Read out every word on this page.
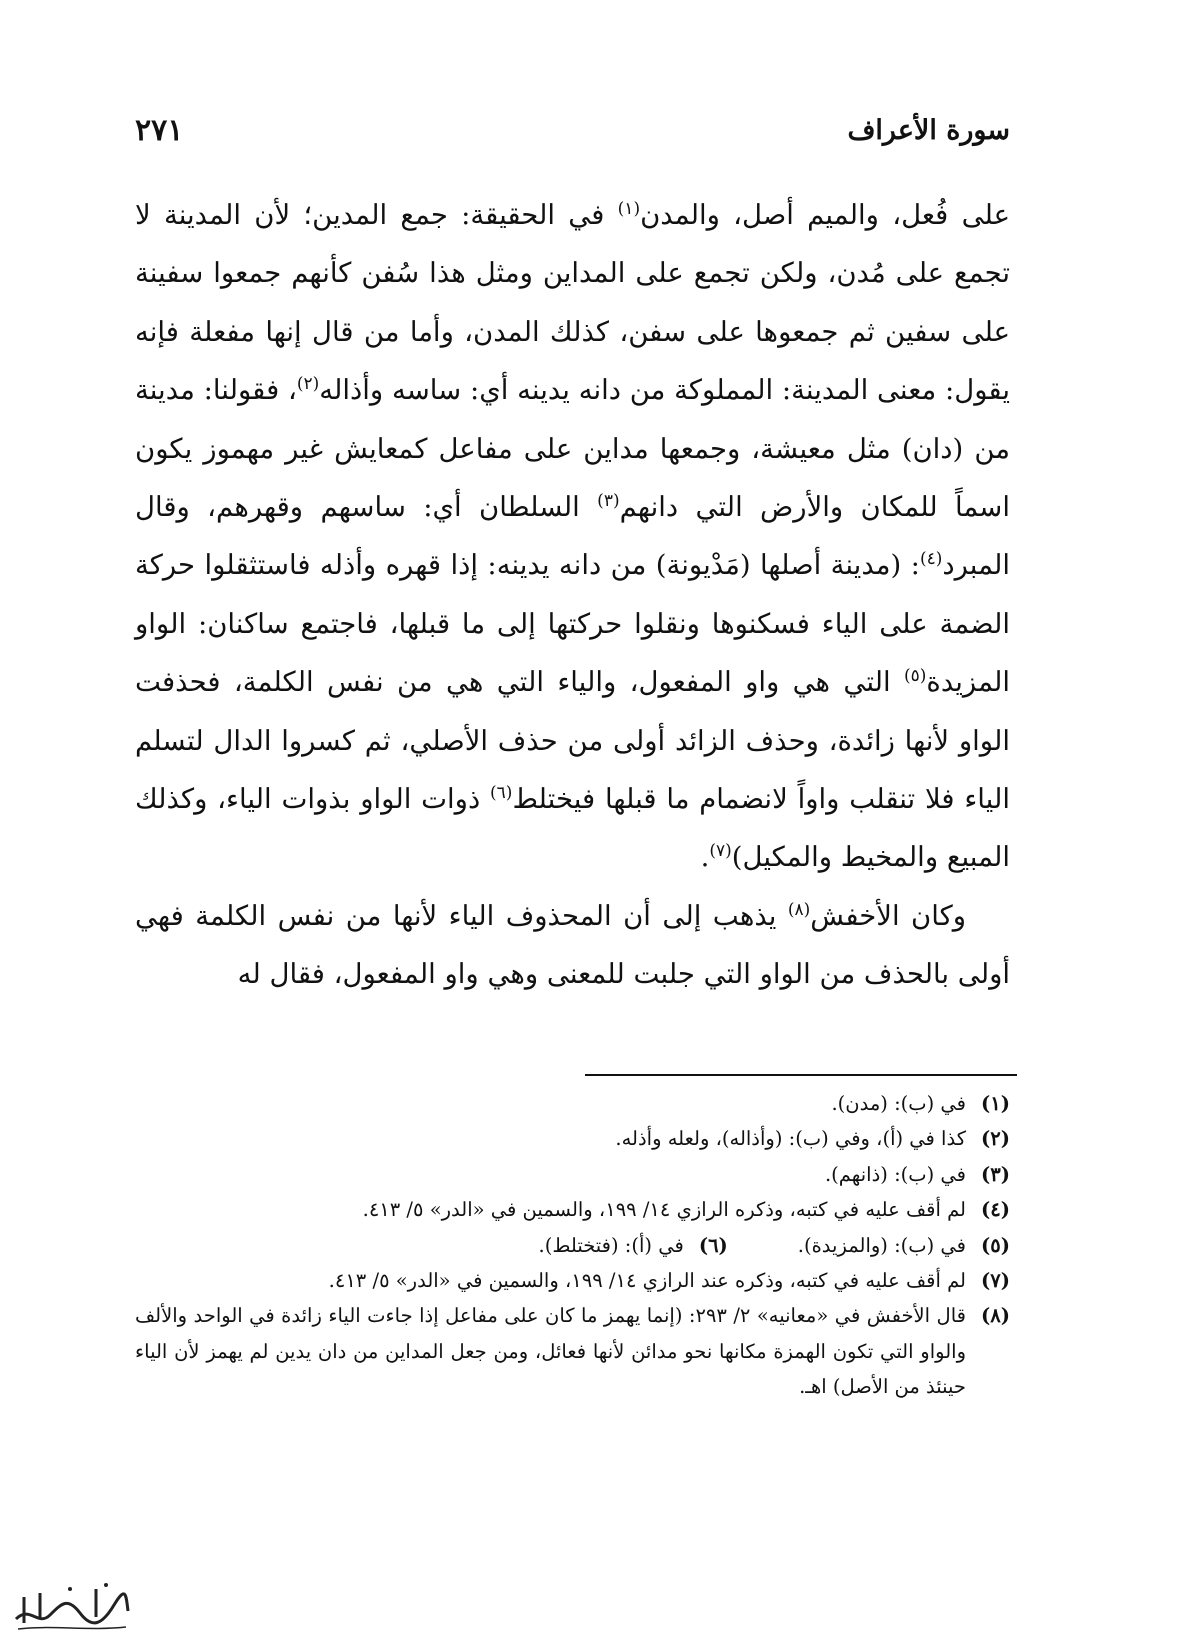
سورة الأعراف
٢٧١

على فُعل، والميم أصل، والمدن$^{(١)}$ في الحقيقة: جمع المدين؛ لأن المدينة لا تجمع على مُدن، ولكن تجمع على المداين ومثل هذا سُفن كأنهم جمعوا سفينة على سفين ثم جمعوها على سفن، كذلك المدن، وأما من قال إنها مفعلة فإنه يقول: معنى المدينة: المملوكة من دانه يدينه أي: ساسه وأذاله$^{(٢)}$، فقولنا: مدينة من (دان) مثل معيشة، وجمعها مداين على مفاعل كمعايش غير مهموز يكون اسماً للمكان والأرض التي دانهم$^{(٣)}$ السلطان أي: ساسهم وقهرهم، وقال المبرد$^{(٤)}$: (مدينة أصلها (مَدْيونة) من دانه يدينه: إذا قهره وأذله فاستثقلوا حركة الضمة على الياء فسكنوها ونقلوا حركتها إلى ما قبلها، فاجتمع ساكنان: الواو المزيدة$^{(٥)}$ التي هي واو المفعول، والياء التي هي من نفس الكلمة، فحذفت الواو لأنها زائدة، وحذف الزائد أولى من حذف الأصلي، ثم كسروا الدال لتسلم الياء فلا تنقلب واواً لانضمام ما قبلها فيختلط$^{(٦)}$ ذوات الواو بذوات الياء، وكذلك المبيع والمخيط والمكيل)$^{(٧)}$.

وكان الأخفش$^{(٨)}$ يذهب إلى أن المحذوف الياء لأنها من نفس الكلمة فهي أولى بالحذف من الواو التي جلبت للمعنى وهي واو المفعول، فقال له

(١)
في (ب): (مدن).
(٢)
كذا في (أ)، وفي (ب): (وأذاله)، ولعله وأذله.
(٣)
في (ب): (ذانهم).
(٤)
لم أقف عليه في كتبه، وذكره الرازي ١٤/ ١٩٩، والسمين في «الدر» ٥/ ٤١٣.
(٥)
في (ب): (والمزيدة).
(٦)
في (أ): (فتختلط).
(٧)
لم أقف عليه في كتبه، وذكره عند الرازي ١٤/ ١٩٩، والسمين في «الدر» ٥/ ٤١٣.
(٨)
قال الأخفش في «معانيه» ٢/ ٢٩٣: (إنما يهمز ما كان على مفاعل إذا جاءت الياء زائدة في الواحد والألف والواو التي تكون الهمزة مكانها نحو مدائن لأنها فعائل، ومن جعل المداين من دان يدين لم يهمز لأن الياء حينئذ من الأصل) اهـ.
